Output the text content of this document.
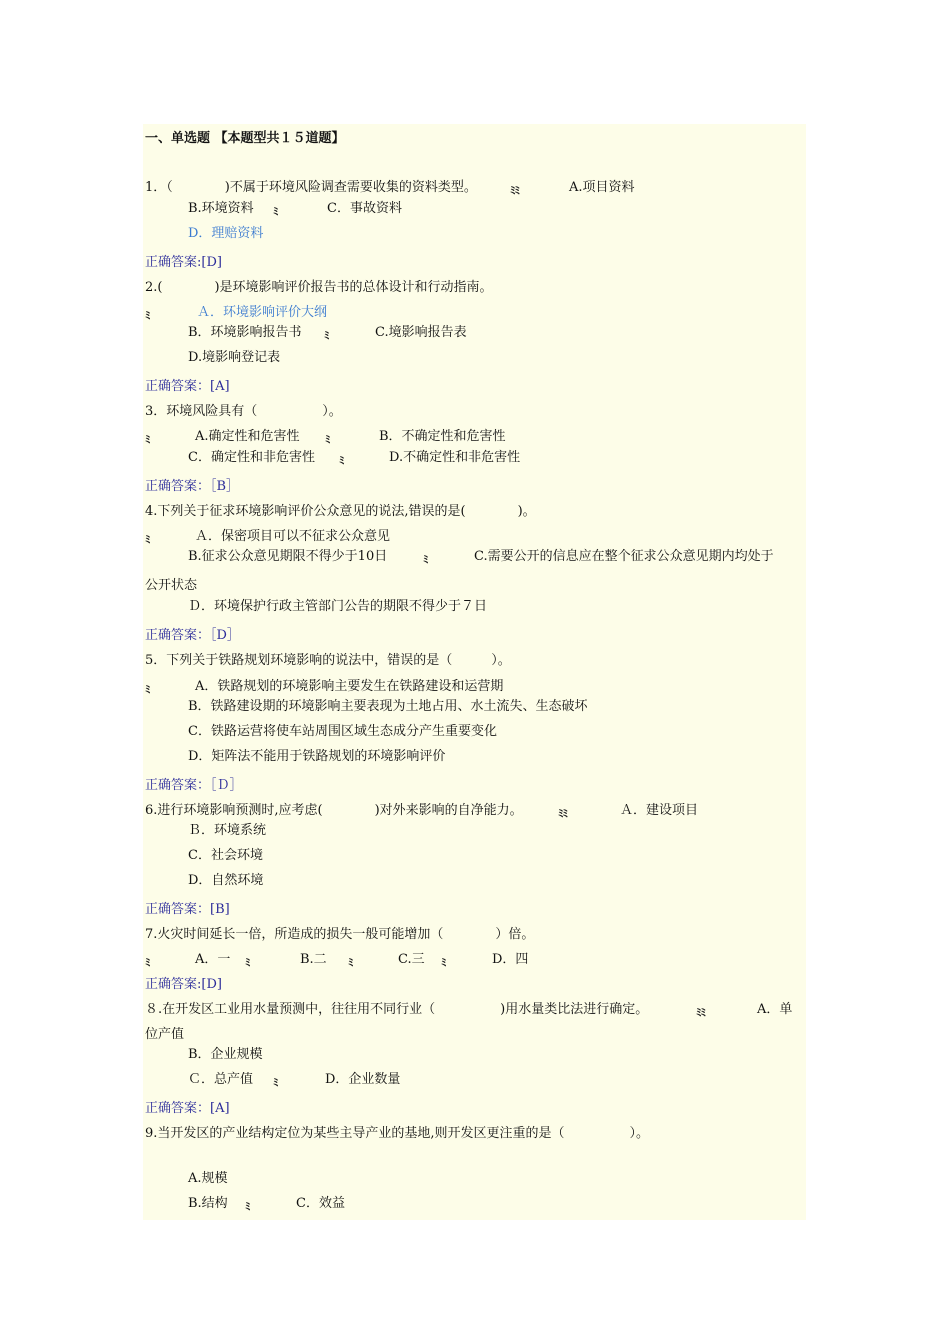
一、单选题 【本题型共１５道题】
1．（　　　　)不属于环境风险调查需要收集的资料类型。	ﾐﾐ	A.项目资料
B.环境资料 ﾐ	C．事故资料
D．理赔资料
正确答案:[D]
2.(　　　　)是环境影响评价报告书的总体设计和行动指南。
ﾐ	Ａ．环境影响评价大纲
B．环境影响报告书 ﾐ	C.境影响报告表
D.境影响登记表
正确答案：[A]
3．环境风险具有（　　　　　）。
ﾐ	A.确定性和危害性 ﾐ	B．不确定性和危害性
C．确定性和非危害性 ﾐ	D.不确定性和非危害性
正确答案：［B］
4.下列关于征求环境影响评价公众意见的说法,错误的是(　　　　)。
ﾐ	Ａ．保密项目可以不征求公众意见
B.征求公众意见期限不得少于10日	ﾐ	C.需要公开的信息应在整个征求公众意见期内均处于
公开状态
Ｄ．环境保护行政主管部门公告的期限不得少于７日
正确答案：［D］
5．下列关于铁路规划环境影响的说法中，错误的是（　　　）。
ﾐ	A．铁路规划的环境影响主要发生在铁路建设和运营期
B．铁路建设期的环境影响主要表现为土地占用、水土流失、生态破坏
C．铁路运营将使车站周围区域生态成分产生重要变化
D．矩阵法不能用于铁路规划的环境影响评价
正确答案：［Ｄ］
6.进行环境影响预测时,应考虑(　　　　)对外来影响的自净能力。	ﾐﾐ	Ａ．建设项目
Ｂ．环境系统
C．社会环境
D．自然环境
正确答案：[B]
7.火灾时间延长一倍，所造成的损失一般可能增加（　　　　）倍。
ﾐ	A．一 ﾐ	B.二 ﾐ	C.三 ﾐ	D．四
正确答案:[D]
８.在开发区工业用水量预测中，往往用不同行业（　　　　　)用水量类比法进行确定。	ﾐﾐ	A．单
位产值
B．企业规模
Ｃ．总产值 ﾐ	D．企业数量
正确答案：[A]
9.当开发区的产业结构定位为某些主导产业的基地,则开发区更注重的是（　　　　　）。
A.规模
B.结构 ﾐ	C．效益
